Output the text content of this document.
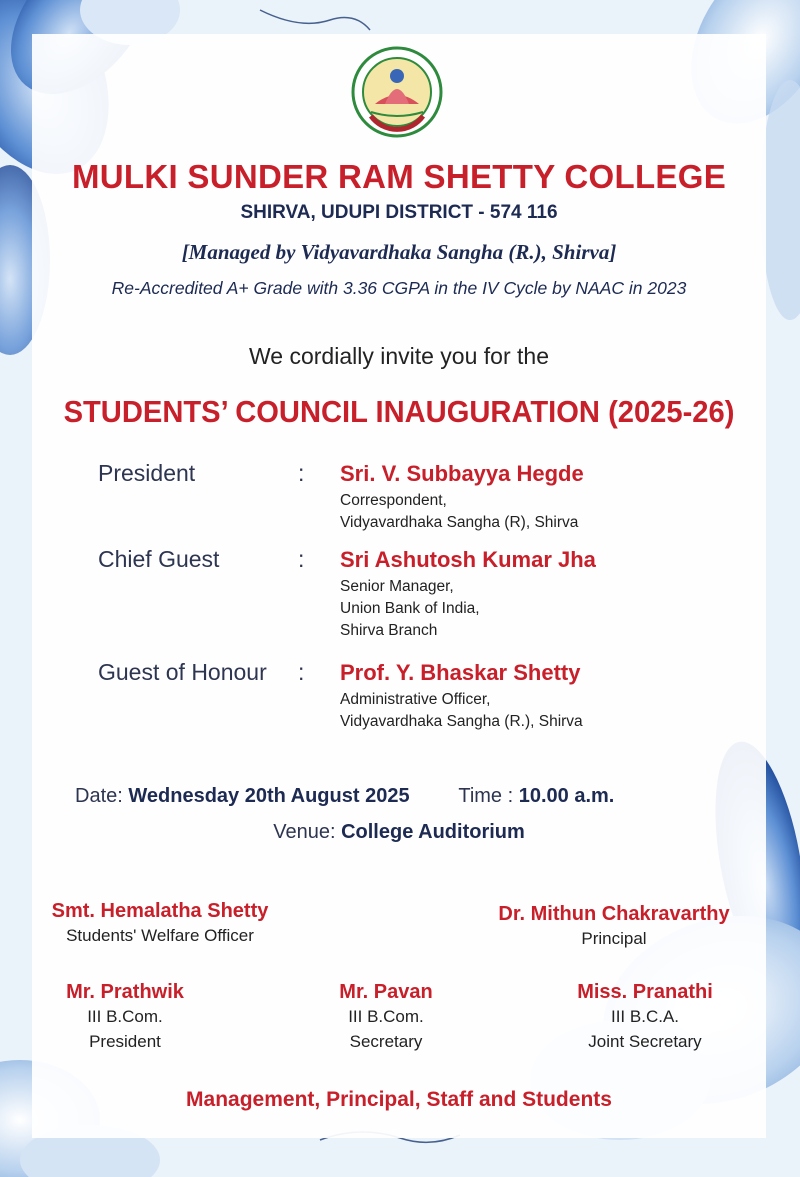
MULKI SUNDER RAM SHETTY COLLEGE
SHIRVA, UDUPI DISTRICT - 574 116
[Managed by Vidyavardhaka Sangha (R.), Shirva]
Re-Accredited A+ Grade with 3.36 CGPA in the IV Cycle by NAAC in 2023
We cordially invite you for the
STUDENTS’ COUNCIL INAUGURATION (2025-26)
President	: Sri. V. Subbayya Hegde
Correspondent,
Vidyavardhaka Sangha (R), Shirva
Chief Guest	: Sri Ashutosh Kumar Jha
Senior Manager,
Union Bank of India,
Shirva Branch
Guest of Honour : Prof. Y. Bhaskar Shetty
Administrative Officer,
Vidyavardhaka Sangha (R.), Shirva
Date: Wednesday 20th August 2025 Time : 10.00 a.m.
Venue: College Auditorium
Smt. Hemalatha Shetty
Students' Welfare Officer
Dr. Mithun Chakravarthy
Principal
Mr. Prathwik
III B.Com.
President
Mr. Pavan
III B.Com.
Secretary
Miss. Pranathi
III B.C.A.
Joint Secretary
Management, Principal, Staff and Students
